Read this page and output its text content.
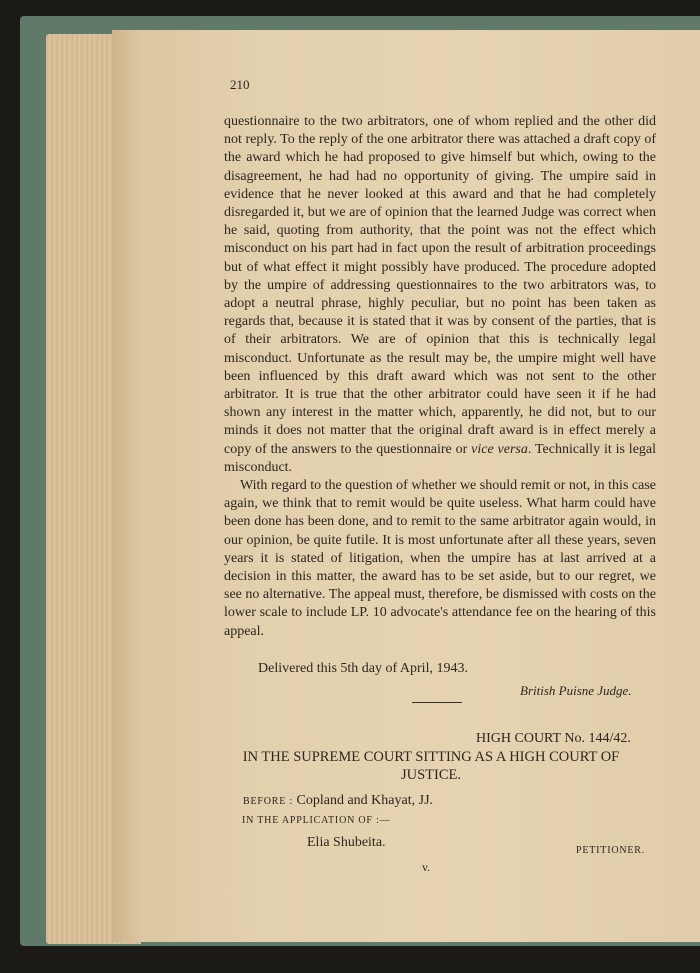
210

questionnaire to the two arbitrators, one of whom replied and the other did not reply. To the reply of the one arbitrator there was attached a draft copy of the award which he had proposed to give himself but which, owing to the disagreement, he had had no opportunity of giving. The umpire said in evidence that he never looked at this award and that he had completely disregarded it, but we are of opinion that the learned Judge was correct when he said, quoting from authority, that the point was not the effect which misconduct on his part had in fact upon the result of arbitration proceedings but of what effect it might possibly have produced. The procedure adopted by the umpire of addressing questionnaires to the two arbitrators was, to adopt a neutral phrase, highly peculiar, but no point has been taken as regards that, because it is stated that it was by consent of the parties, that is of their arbitrators. We are of opinion that this is technically legal misconduct. Unfortunate as the result may be, the umpire might well have been influenced by this draft award which was not sent to the other arbitrator. It is true that the other arbitrator could have seen it if he had shown any interest in the matter which, apparently, he did not, but to our minds it does not matter that the original draft award is in effect merely a copy of the answers to the questionnaire or vice versa. Technically it is legal misconduct.

With regard to the question of whether we should remit or not, in this case again, we think that to remit would be quite useless. What harm could have been done has been done, and to remit to the same arbitrator again would, in our opinion, be quite futile. It is most unfortunate after all these years, seven years it is stated of litigation, when the umpire has at last arrived at a decision in this matter, the award has to be set aside, but to our regret, we see no alternative. The appeal must, therefore, be dismissed with costs on the lower scale to include LP. 10 advocate's attendance fee on the hearing of this appeal.

Delivered this 5th day of April, 1943.
British Puisne Judge.
HIGH COURT No. 144/42.
IN THE SUPREME COURT SITTING AS A HIGH COURT OF JUSTICE.
BEFORE : Copland and Khayat, JJ.
IN THE APPLICATION OF :—
Elia Shubeita.
PETITIONER.
v.
